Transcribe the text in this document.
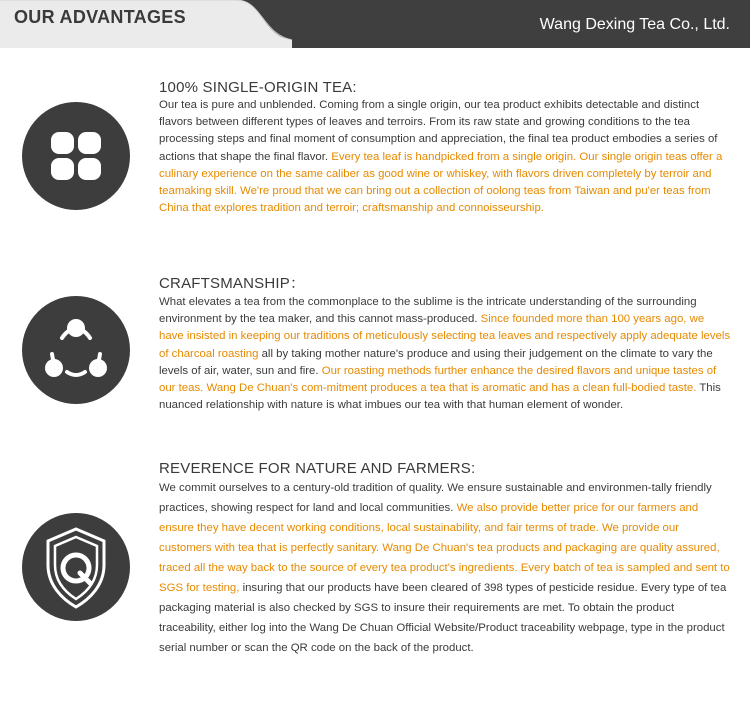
OUR ADVANTAGES	Wang Dexing Tea Co., Ltd.
100% SINGLE-ORIGIN TEA:

Our tea is pure and unblended. Coming from a single origin, our tea product exhibits detectable and distinct flavors between different types of leaves and terroirs. From its raw state and growing conditions to the tea processing steps and final moment of consumption and appreciation, the final tea product embodies a series of actions that shape the final flavor. Every tea leaf is handpicked from a single origin. Our single origin teas offer a culinary experience on the same caliber as good wine or whiskey, with flavors driven completely by terroir and teamaking skill. We're proud that we can bring out a collection of oolong teas from Taiwan and pu'er teas from China that explores tradition and terroir; craftsmanship and connoisseurship.

CRAFTSMANSHIP：

What elevates a tea from the commonplace to the sublime is the intricate understanding of the surrounding environment by the tea maker, and this cannot mass-produced. Since founded more than 100 years ago, we have insisted in keeping our traditions of meticulously selecting tea leaves and respectively apply adequate levels of charcoal roasting all by taking mother nature's produce and using their judgement on the climate to vary the levels of air, water, sun and fire. Our roasting methods further enhance the desired flavors and unique tastes of our teas. Wang De Chuan's com-mitment produces a tea that is aromatic and has a clean full-bodied taste. This nuanced relationship with nature is what imbues our tea with that human element of wonder.

REVERENCE FOR NATURE AND FARMERS:

We commit ourselves to a century-old tradition of quality. We ensure sustainable and environmen-tally friendly practices, showing respect for land and local communities. We also provide better price for our farmers and ensure they have decent working conditions, local sustainability, and fair terms of trade. We provide our customers with tea that is perfectly sanitary. Wang De Chuan's tea products and packaging are quality assured, traced all the way back to the source of every tea product's ingredients. Every batch of tea is sampled and sent to SGS for testing, insuring that our products have been cleared of 398 types of pesticide residue. Every type of tea packaging material is also checked by SGS to insure their requirements are met. To obtain the product traceability, either log into the Wang De Chuan Official Website/Product traceability webpage, type in the product serial number or scan the QR code on the back of the product.
